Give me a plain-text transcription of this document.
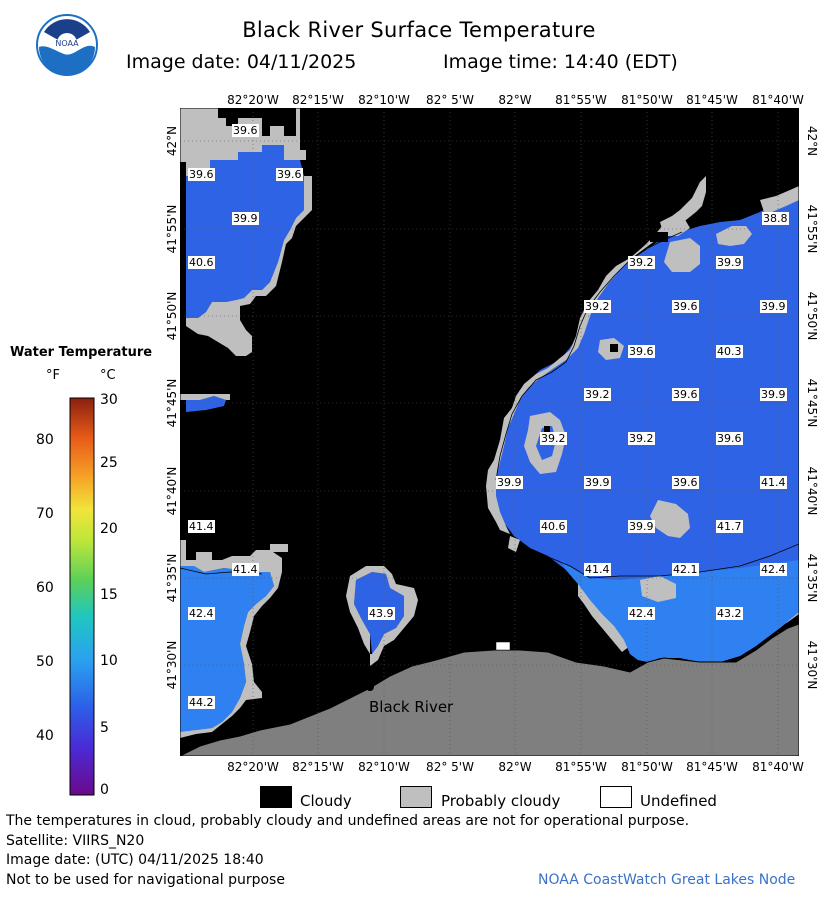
NOAA
Black River Surface Temperature
Image date: 04/11/2025	Image time: 14:40 (EDT)
82°20'W 82°15'W 82°10'W 82° 5'W 82°W 81°55'W 81°50'W 81°45'W 81°40'W
82°20'W 82°15'W 82°10'W 82° 5'W 82°W 81°55'W 81°50'W 81°45'W 81°40'W
42°N
41°55'N
41°50'N
41°45'N
41°40'N
41°35'N
41°30'N
42°N
41°55'N
41°50'N
41°45'N
41°40'N
41°35'N
41°30'N
Black River
39.6
39.6	39.6
39.9
40.6
41.4
41.4
42.4
44.2
43.9
38.8
39.2	39.9
39.2	39.6	39.9
39.6	40.3
39.2	39.6	39.9
39.2	39.2	39.6
39.9	39.9	39.6	41.4
40.6	39.9	41.7
41.4	42.1	42.4
42.4	43.2
Water Temperature
°F	°C
80
70
60
50
40
30
25
20
15
10
5
0
Cloudy	Probably cloudy	Undefined
The temperatures in cloud, probably cloudy and undefined areas are not for operational purpose.
Satellite: VIIRS_N20
Image date: (UTC) 04/11/2025 18:40
Not to be used for navigational purpose	NOAA CoastWatch Great Lakes Node
